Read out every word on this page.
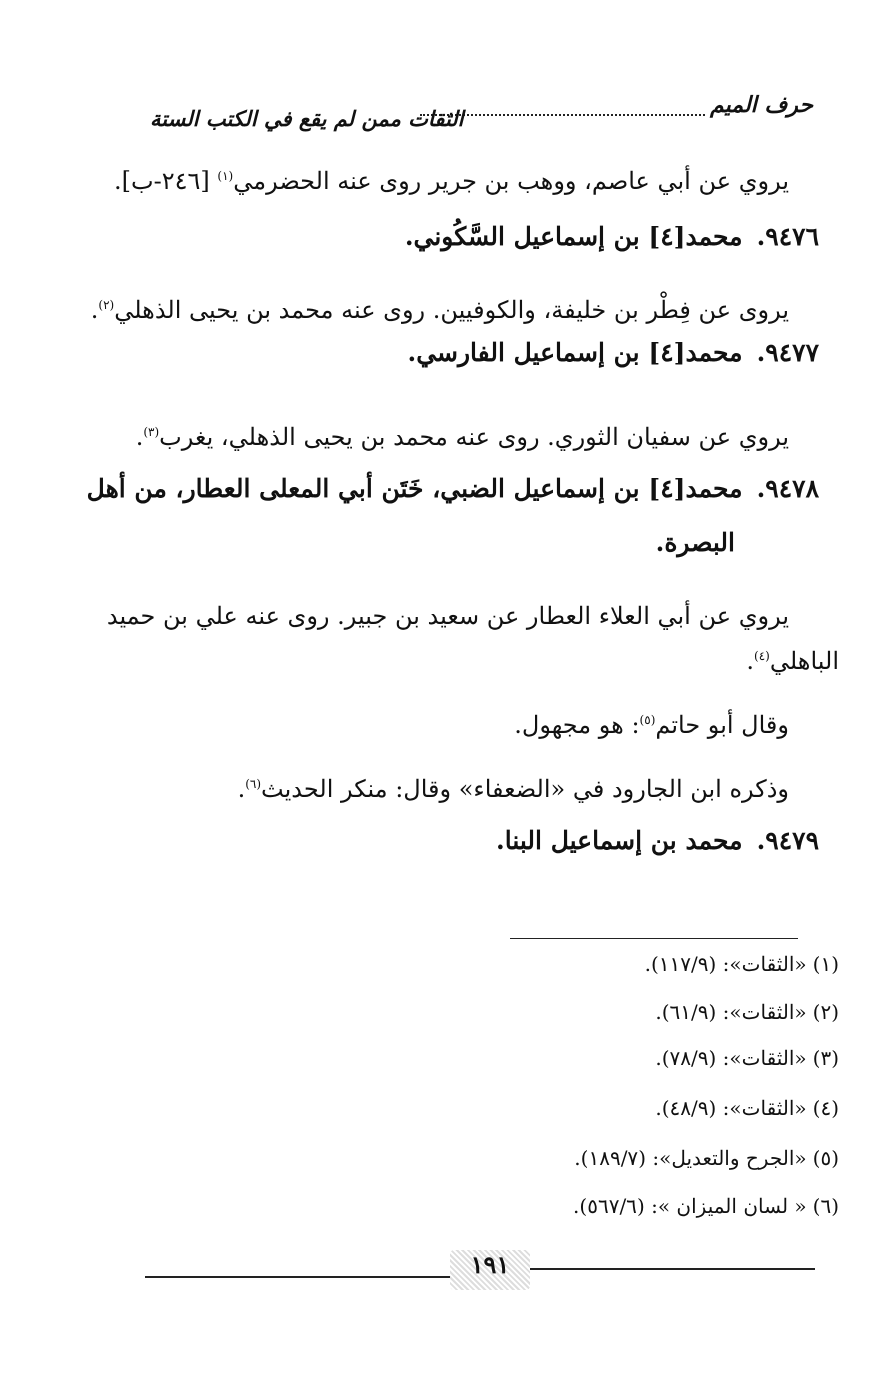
حرف الميم
الثقات ممن لم يقع في الكتب الستة
يروي عن أبي عاصم، ووهب بن جرير روى عنه الحضرمي$^{(١)}$ [٢٤٦-ب].
٩٤٧٦.محمد[٤] بن إسماعيل السَّكُوني.
يروى عن فِطْر بن خليفة، والكوفيين. روى عنه محمد بن يحيى الذهلي$^{(٢)}$.
٩٤٧٧.محمد[٤] بن إسماعيل الفارسي.
يروي عن سفيان الثوري. روى عنه محمد بن يحيى الذهلي، يغرب$^{(٣)}$.
٩٤٧٨.محمد[٤] بن إسماعيل الضبي، خَتَن أبي المعلى العطار، من أهل
البصرة.
يروي عن أبي العلاء العطار عن سعيد بن جبير. روى عنه علي بن حميد
الباهلي$^{(٤)}$.
وقال أبو حاتم$^{(٥)}$: هو مجهول.
وذكره ابن الجارود في «الضعفاء» وقال: منكر الحديث$^{(٦)}$.
٩٤٧٩.محمد بن إسماعيل البنا.
(١)«الثقات»: (١١٧/٩).
(٢)«الثقات»: (٦١/٩).
(٣)«الثقات»: (٧٨/٩).
(٤)«الثقات»: (٤٨/٩).
(٥)«الجرح والتعديل»: (١٨٩/٧).
(٦)« لسان الميزان »: (٥٦٧/٦).
١٩١
